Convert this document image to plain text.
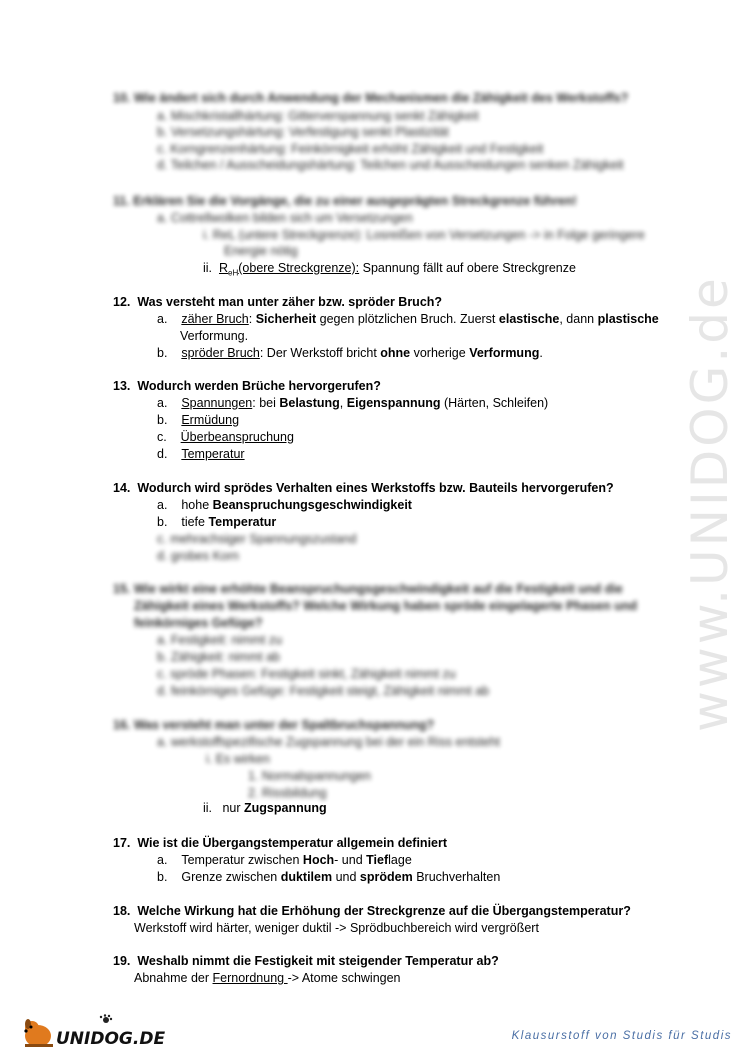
10. Wie ändert sich durch Anwendung der Mechanismen die Zähigkeit des Werkstoffs?
a. Mischkristallhärtung: Gitterverspannung senkt Zähigkeit
b. Versetzungshärtung: Verfestigung senkt Plastizität
c. Korngrenzenhärtung: Feinkörnigkeit erhöht Zähigkeit und Festigkeit
d. Teilchen / Ausscheidungshärtung: Teilchen und Ausscheidungen senken Zähigkeit
11. Erklären Sie die Vorgänge, die zu einer ausgeprägten Streckgrenze führen!
a. Cottrellwolken bilden sich um Versetzungen
i. ReL (untere Streckgrenze): Losreißen von Versetzungen -> in Folge geringere
Energie nötig
ii. $R_{eH}(obere$ Streckgrenze): Spannung fällt auf obere Streckgrenze
12. Was versteht man unter zäher bzw. spröder Bruch?
a. zäher Bruch: Sicherheit gegen plötzlichen Bruch. Zuerst elastische, dann plastische
Verformung.
b. spröder Bruch: Der Werkstoff bricht ohne vorherige Verformung.
13. Wodurch werden Brüche hervorgerufen?
a. Spannungen: bei Belastung, Eigenspannung (Härten, Schleifen)
b. Ermüdung
c. Überbeanspruchung
d. Temperatur
14. Wodurch wird sprödes Verhalten eines Werkstoffs bzw. Bauteils hervorgerufen?
a. hohe Beanspruchungsgeschwindigkeit
b. tiefe Temperatur
c. mehrachsiger Spannungszustand
d. grobes Korn
15. Wie wirkt eine erhöhte Beanspruchungsgeschwindigkeit auf die Festigkeit und die
Zähigkeit eines Werkstoffs? Welche Wirkung haben spröde eingelagerte Phasen und
feinkörniges Gefüge?
a. Festigkeit: nimmt zu
b. Zähigkeit: nimmt ab
c. spröde Phasen: Festigkeit sinkt, Zähigkeit nimmt zu
d. feinkörniges Gefüge: Festigkeit steigt, Zähigkeit nimmt ab
16. Was versteht man unter der Spaltbruchspannung?
a. werkstoffspezifische Zugspannung bei der ein Riss entsteht
i. Es wirken
1. Normalspannungen
2. Rissbildung
ii. nur Zugspannung
17. Wie ist die Übergangstemperatur allgemein definiert
a. Temperatur zwischen Hoch- und Tieflage
b. Grenze zwischen duktilem und sprödem Bruchverhalten
18. Welche Wirkung hat die Erhöhung der Streckgrenze auf die Übergangstemperatur?
Werkstoff wird härter, weniger duktil -> Sprödbuchbereich wird vergrößert
19. Weshalb nimmt die Festigkeit mit steigender Temperatur ab?
Abnahme der Fernordnung -> Atome schwingen
www.UNIDOG.de
UNIDOG.DE	Klausurstoff von Studis für Studis
